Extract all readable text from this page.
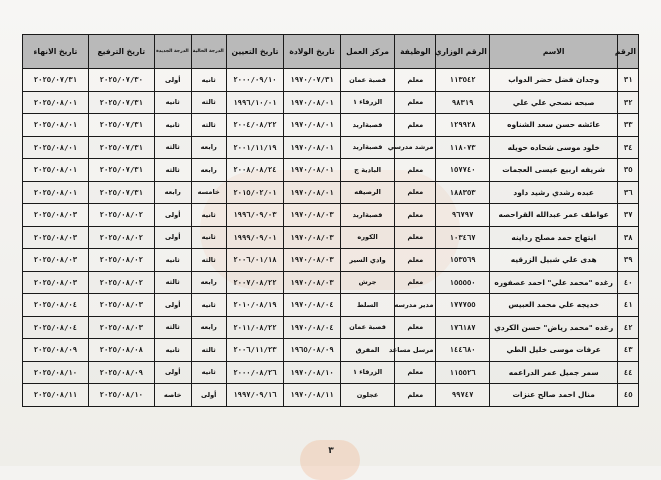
الرقم	الاسم	الرقم الوزاري	الوظيفة	مركز العمل	تاريخ الولادة	تاريخ التعيين	الدرجة الحالية	الدرجة الجديدة	تاريخ الترفيع	تاريخ الانهاء
٣١	وجدان فضل حضر الدواب	١١٣٥٤٢	معلم	قصبة عمان	١٩٧٠/٠٧/٣١	٢٠٠٠/٠٩/١٠	ثانيه	أولى	٢٠٢٥/٠٧/٣٠	٢٠٢٥/٠٧/٣١
٣٢	صبحه نصحي علي علي	٩٨٣١٩	معلم	الزرقاء ١	١٩٧٠/٠٨/٠١	١٩٩٦/١٠/٠١	ثالثه	ثانيه	٢٠٢٥/٠٧/٣١	٢٠٢٥/٠٨/٠١
٣٣	عائشه حسن سعد الشناوه	١٢٩٩٢٨	معلم	قصبةاربد	١٩٧٠/٠٨/٠١	٢٠٠٤/٠٨/٢٢	ثالثه	ثانيه	٢٠٢٥/٠٧/٣١	٢٠٢٥/٠٨/٠١
٣٤	خلود موسى شحاده حويله	١١٨٠٧٣	مرشد مدرسي	قصبةاربد	١٩٧٠/٠٨/٠١	٢٠٠١/١١/١٩	رابعه	ثالثه	٢٠٢٥/٠٧/٣١	٢٠٢٥/٠٨/٠١
٣٥	شريفه اربيع عيسى العجمات	١٥٧٧٤٠	معلم	البادية ج	١٩٧٠/٠٨/٠١	٢٠٠٨/٠٨/٢٤	رابعه	ثالثه	٢٠٢٥/٠٧/٣١	٢٠٢٥/٠٨/٠١
٣٦	عبده رشدي رشيد داود	١٨٨٣٥٣	معلم	الرصيفه	١٩٧٠/٠٨/٠١	٢٠١٥/٠٢/٠١	خامسه	رابعه	٢٠٢٥/٠٧/٣١	٢٠٢٥/٠٨/٠١
٣٧	عواطف عمر عبدالله القراحصه	٩٦٧٩٧	معلم	قصبةاربد	١٩٧٠/٠٨/٠٣	١٩٩٦/٠٩/٠٣	ثانيه	أولى	٢٠٢٥/٠٨/٠٢	٢٠٢٥/٠٨/٠٣
٣٨	ابتهاج حمد مصلح رداينه	١٠٣٤٦٧	معلم	الكوره	١٩٧٠/٠٨/٠٣	١٩٩٩/٠٩/٠١	ثانيه	أولى	٢٠٢٥/٠٨/٠٢	٢٠٢٥/٠٨/٠٣
٣٩	هدى علي شبيل الزرقيه	١٥٣٥٦٩	معلم	وادي السير	١٩٧٠/٠٨/٠٣	٢٠٠٦/٠١/١٨	ثالثه	ثانيه	٢٠٢٥/٠٨/٠٢	٢٠٢٥/٠٨/٠٣
٤٠	رغده "محمد علي" احمد عصفوره	١٥٥٥٥٠	معلم	جرش	١٩٧٠/٠٨/٠٣	٢٠٠٧/٠٨/٢٢	رابعه	ثالثه	٢٠٢٥/٠٨/٠٢	٢٠٢٥/٠٨/٠٣
٤١	خديجه علي محمد العبيس	١٧٧٧٥٥	مدير مدرسه	السلط	١٩٧٠/٠٨/٠٤	٢٠١٠/٠٨/١٩	ثانيه	أولى	٢٠٢٥/٠٨/٠٣	٢٠٢٥/٠٨/٠٤
٤٢	رغده "محمد رياض" حسن الكردي	١٧٦١٨٧	معلم	قصبة عمان	١٩٧٠/٠٨/٠٤	٢٠١١/٠٨/٢٢	رابعه	ثالثه	٢٠٢٥/٠٨/٠٣	٢٠٢٥/٠٨/٠٤
٤٣	عرفات موسى خليل الطي	١٤٤٦٨٠	مرسل مساعد	المفرق	١٩٦٥/٠٨/٠٩	٢٠٠٦/١١/٢٣	ثالثه	ثانيه	٢٠٢٥/٠٨/٠٨	٢٠٢٥/٠٨/٠٩
٤٤	سمر جميل عمر الدراعمه	١١٥٥٢٦	معلم	الزرقاء ١	١٩٧٠/٠٨/١٠	٢٠٠٠/٠٨/٢٦	ثانيه	أولى	٢٠٢٥/٠٨/٠٩	٢٠٢٥/٠٨/١٠
٤٥	منال احمد صالح عنزات	٩٩٧٤٧	معلم	عجلون	١٩٧٠/٠٨/١١	١٩٩٧/٠٩/١٦	أولى	خاصه	٢٠٢٥/٠٨/١٠	٢٠٢٥/٠٨/١١
٣
